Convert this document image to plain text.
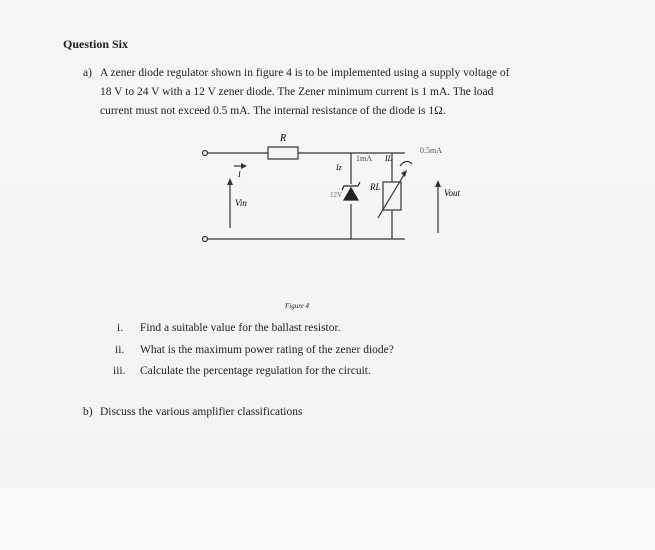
Question Six
a) A zener diode regulator shown in figure 4 is to be implemented using a supply voltage of
18 V to 24 V with a 12 V zener diode. The Zener minimum current is 1 mA. The load
current must not exceed 0.5 mA. The internal resistance of the diode is 1Ω.
R
Vin
I
Iz
1mA IL
0.5mA
12V
RL
Vout
Figure 4
i. Find a suitable value for the ballast resistor.
ii. What is the maximum power rating of the zener diode?
iii. Calculate the percentage regulation for the circuit.
b) Discuss the various amplifier classifications
